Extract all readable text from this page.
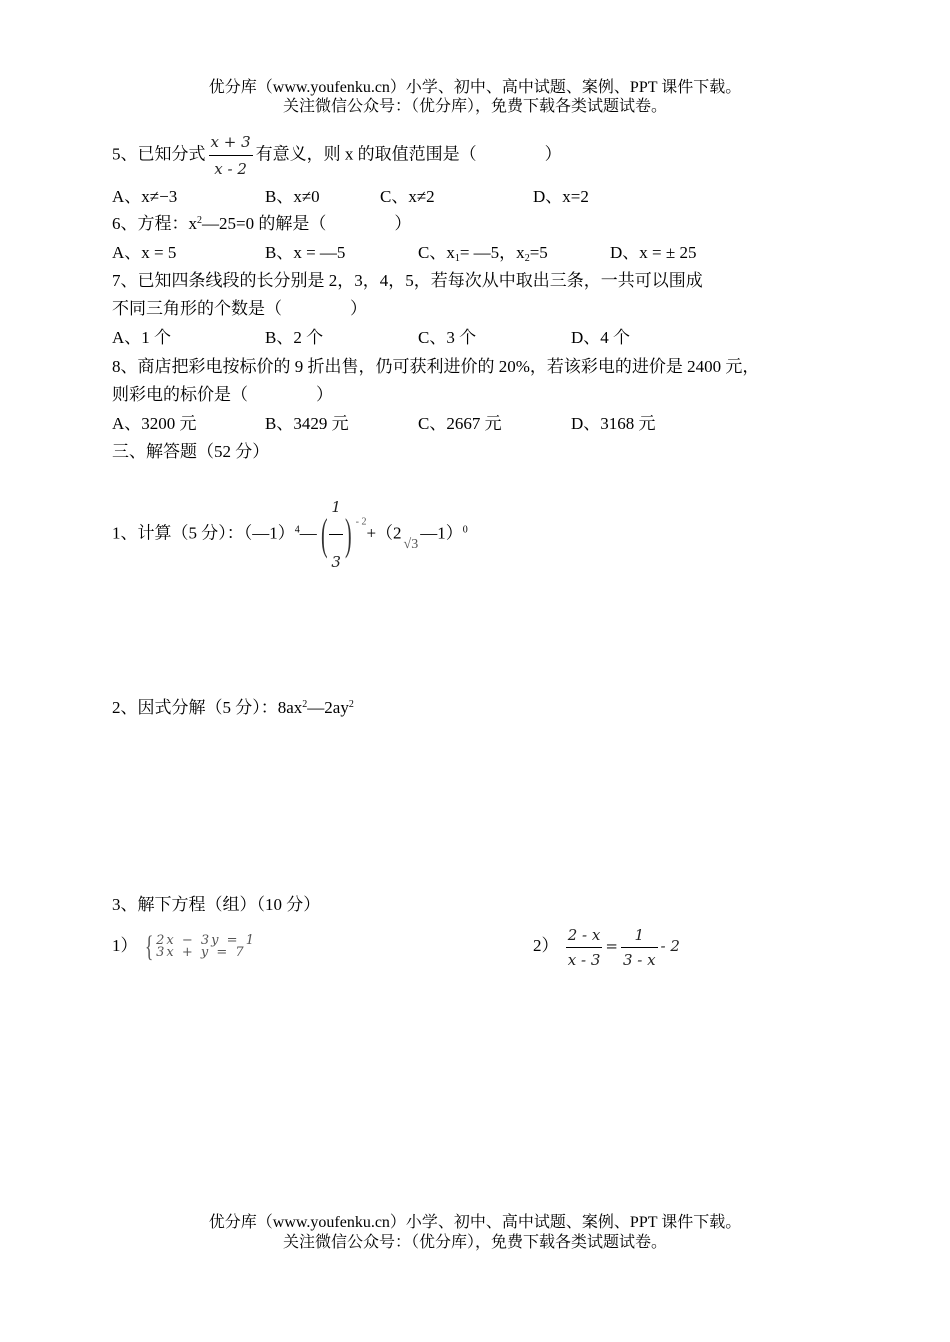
优分库（www.youfenku.cn）小学、初中、高中试题、案例、PPT 课件下载。
关注微信公众号：（优分库），免费下载各类试题试卷。
5、已知分式 $\frac{x + 3}{x - 2}$ 有意义，则 x 的取值范围是（　　　　）
A、x≠−3	B、x≠0	C、x≠2	D、x=2
6、方程：$x^2—25=0$ 的解是（　　　　）
A、x = 5	B、x = —5	C、$x_1=$ —5，$x_2=5$	D、x = ± 25
7、已知四条线段的长分别是 2，3，4，5，若每次从中取出三条，一共可以围成
不同三角形的个数是（　　　　）
A、1 个	B、2 个	C、3 个	D、4 个
8、商店把彩电按标价的 9 折出售，仍可获利进价的 20%，若该彩电的进价是 2400 元，
则彩电的标价是（　　　　）
A、3200 元	B、3429 元	C、2667 元	D、3168 元
三、解答题（52 分）
1、计算（5 分）：（—1）$^4$—( $\frac{1}{3}$ ) $^{- 2}+(2_{√3}—1)^0$
2、因式分解（5 分）：$8ax^2—2ay^2$
3、解下方程（组）（10 分）
1） { 2x − 3y = 1
3x + y = 7	$2) \frac{2 - x}{x - 3} = \frac{1}{3 - x} - 2$
优分库（www.youfenku.cn）小学、初中、高中试题、案例、PPT 课件下载。
关注微信公众号：（优分库），免费下载各类试题试卷。
